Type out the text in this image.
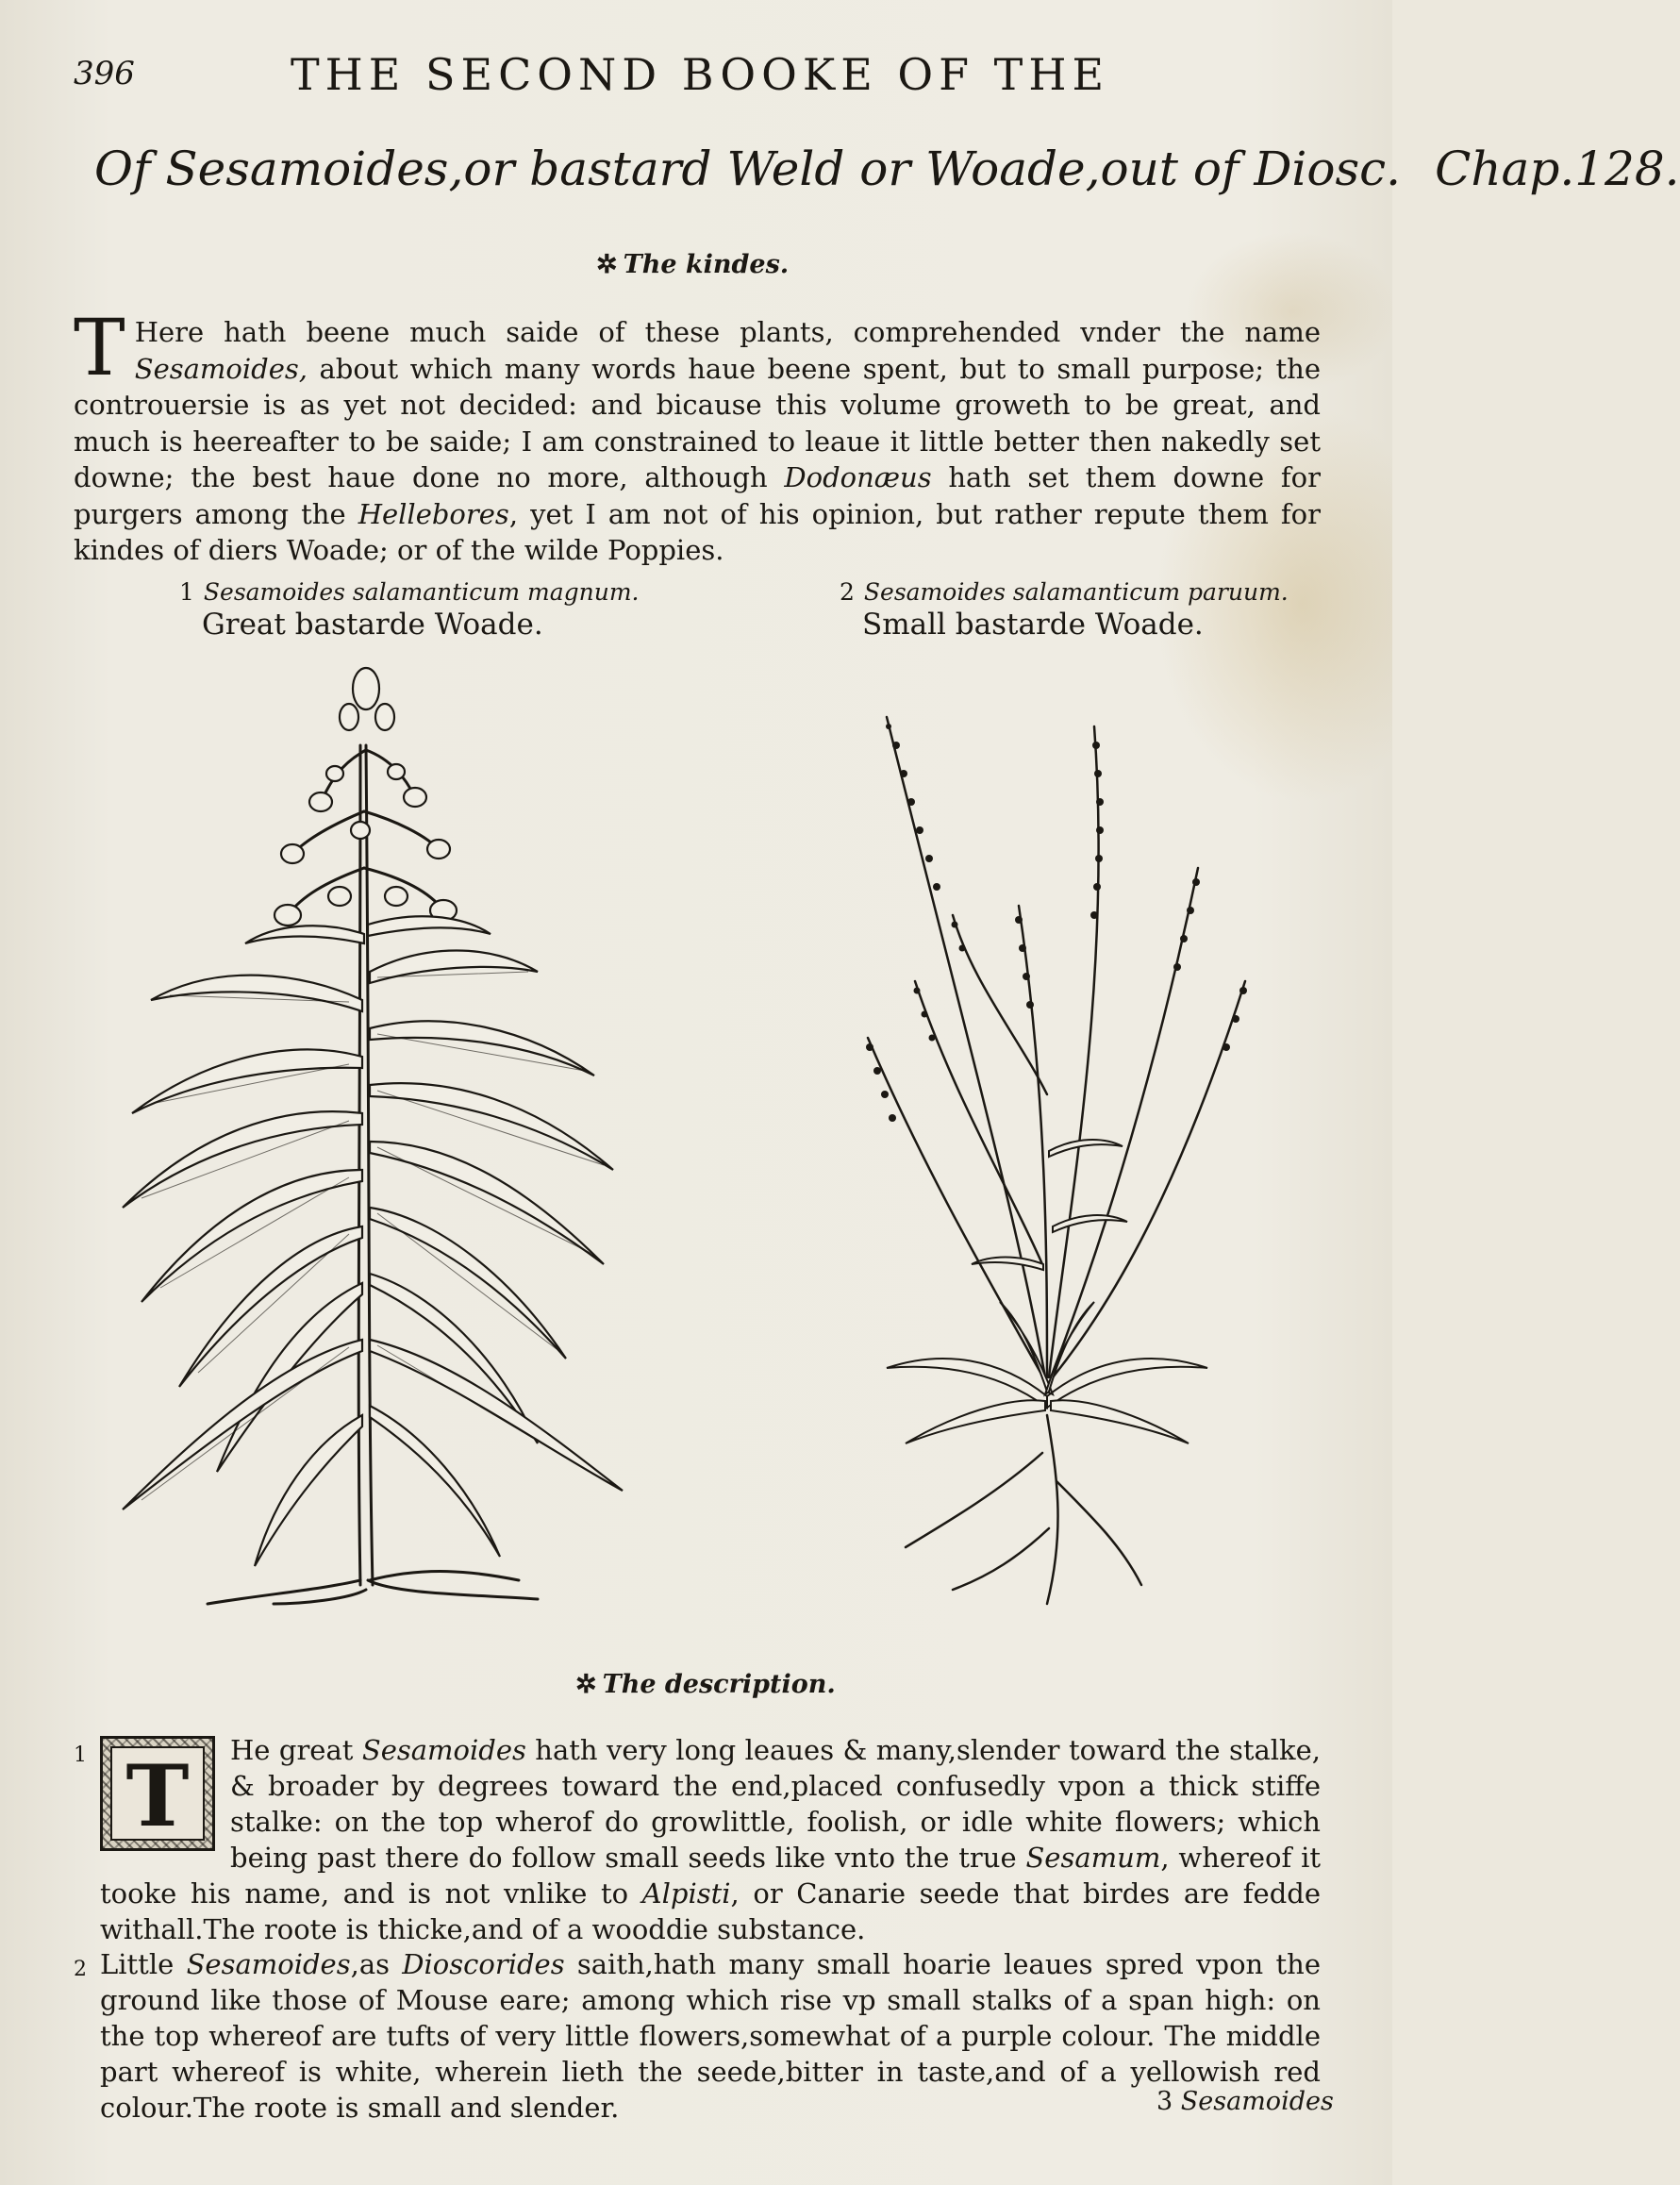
396	THE SECOND BOOKE OF THE
Of Sesamoides,or bastard Weld or Woade,out of Diosc. Chap.128.
✲ The kindes.
T Here hath beene much saide of these plants, comprehended vnder the name Sesamoides, about which many words haue beene spent, but to small purpose; the controuersie is as yet not decided: and bicause this volume groweth to be great, and much is heereafter to be saide; I am constrained to leaue it little better then nakedly set downe; the best haue done no more, although Dodonæus hath set them downe for purgers among the Hellebores, yet I am not of his opinion, but rather repute them for kindes of diers Woade; or of the wilde Poppies.
1 Sesamoides salamanticum magnum.
Great bastarde Woade.
2 Sesamoides salamanticum paruum.
Small bastarde Woade.
✲ The description.
1 T	He great Sesamoides hath very long leaues & many,slender toward the stalke, & broader by degrees toward the end,placed confusedly vpon a thick stiffe stalke: on the top wherof do growlittle, foolish, or idle white flowers; which being past there do follow small seeds like vnto the true Sesamum, whereof it tooke his name, and is not vnlike to Alpisti, or Canarie seede that birdes are fedde withall.The roote is thicke,and of a wooddie substance.
2 Little Sesamoides,as Dioscorides saith,hath many small hoarie leaues spred vpon the ground like those of Mouse eare; among which rise vp small stalks of a span high: on the top whereof are tufts of very little flowers,somewhat of a purple colour. The middle part whereof is white, wherein lieth the seede,bitter in taste,and of a yellowish red colour.The roote is small and slender.	3 Sesamoides
